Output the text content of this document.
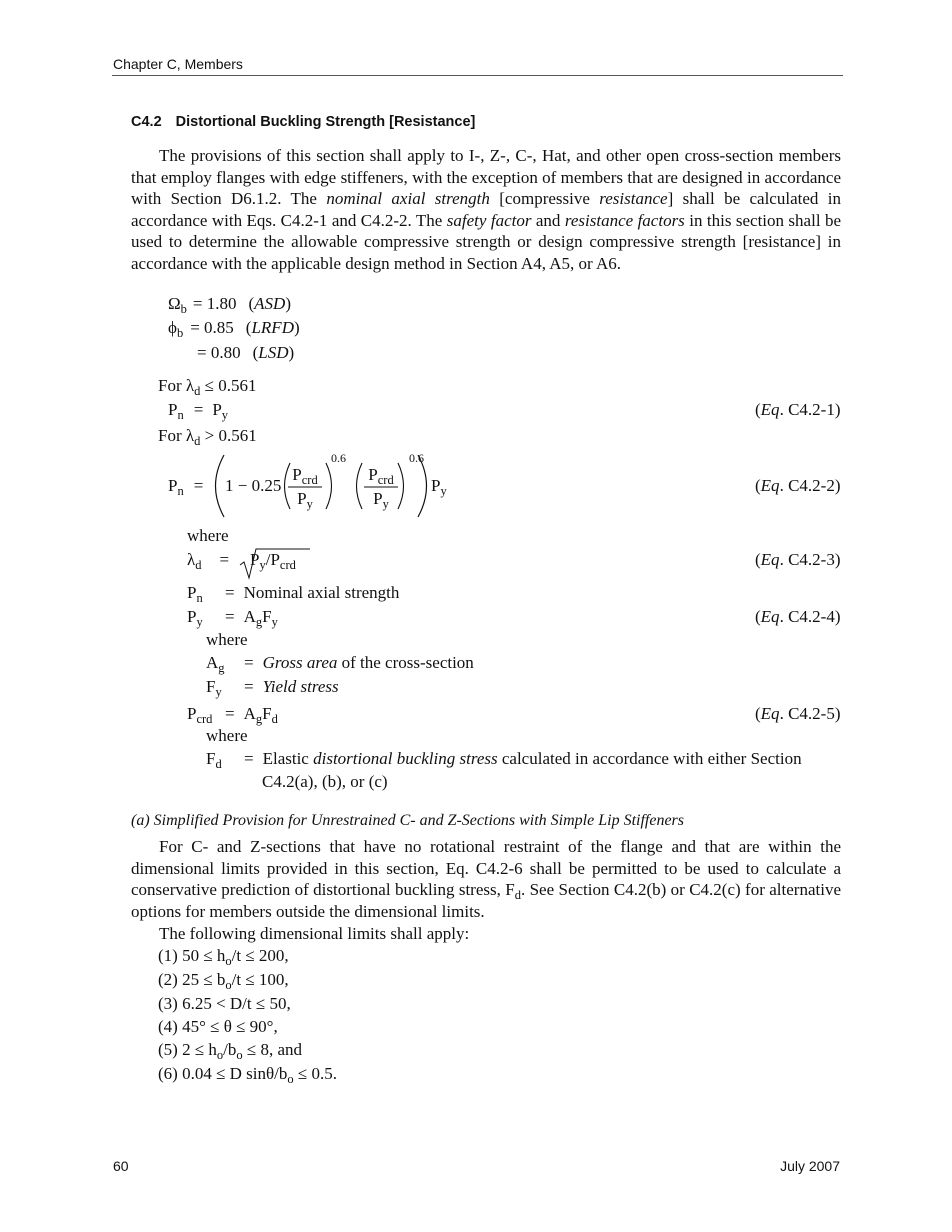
Chapter C, Members
C4.2 Distortional Buckling Strength [Resistance]
The provisions of this section shall apply to I-, Z-, C-, Hat, and other open cross-section members that employ flanges with edge stiffeners, with the exception of members that are designed in accordance with Section D6.1.2. The nominal axial strength [compressive resistance] shall be calculated in accordance with Eqs. C4.2-1 and C4.2-2. The safety factor and resistance factors in this section shall be used to determine the allowable compressive strength or design compressive strength [resistance] in accordance with the applicable design method in Section A4, A5, or A6.
$\Omega_b = 1.80$ (ASD)
$\phi_b = 0.85$ (LRFD)
= 0.80 (LSD)
For $\lambda_d \le 0.561$
$P_n = P_y$	(Eq. C4.2-1)
For $\lambda_d > 0.561$
$P_n = 1 - 0.25$
$P_{crd}$
$P_y$
0.6
$P_{crd}$
$P_y$
0.6
$P_y$	(Eq. C4.2-2)
where
$\lambda_d = P_y/P_{crd}$	(Eq. C4.2-3)
$P_n$ = Nominal axial strength
$P_y = A_gF_y$	(Eq. C4.2-4)
where
$A_g$ = Gross area of the cross-section
$F_y$ = Yield stress
$P_{crd} = A_gF_d$	(Eq. C4.2-5)
where
$F_d$ = Elastic distortional buckling stress calculated in accordance with either Section
C4.2(a), (b), or (c)
(a) Simplified Provision for Unrestrained C- and Z-Sections with Simple Lip Stiffeners
For C- and Z-sections that have no rotational restraint of the flange and that are within the dimensional limits provided in this section, Eq. C4.2-6 shall be permitted to be used to calculate a conservative prediction of distortional buckling stress, $F_d$. See Section C4.2(b) or C4.2(c) for alternative options for members outside the dimensional limits.
The following dimensional limits shall apply:
(1) $50 \le h_o/t \le 200$,
(2) $25 \le b_o/t \le 100$,
(3) 6.25 < D/t ≤ 50,
(4) 45° ≤ θ ≤ 90°,
(5) $2 \le h_o/b_o \le 8$, and
(6) 0.04 ≤ D sinθ/$b_o \le 0.5$.
60	July 2007
